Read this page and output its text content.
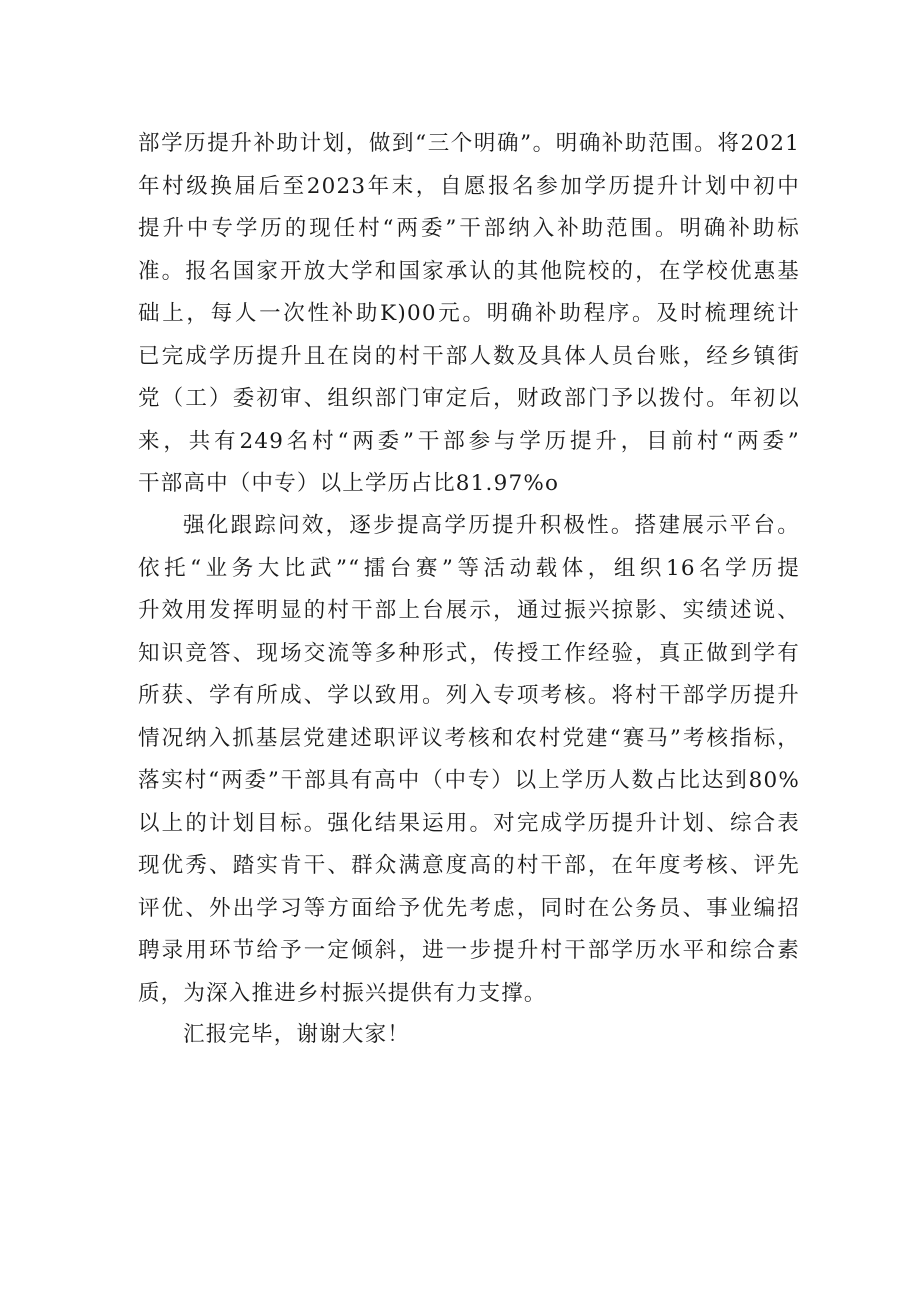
部学历提升补助计划，做到“三个明确”。明确补助范围。将2021
年村级换届后至2023年末，自愿报名参加学历提升计划中初中
提升中专学历的现任村“两委”干部纳入补助范围。明确补助标
准。报名国家开放大学和国家承认的其他院校的，在学校优惠基
础上，每人一次性补助K)00元。明确补助程序。及时梳理统计
已完成学历提升且在岗的村干部人数及具体人员台账，经乡镇街
党（工）委初审、组织部门审定后，财政部门予以拨付。年初以
来，共有249名村“两委”干部参与学历提升，目前村“两委”
干部高中（中专）以上学历占比81.97%o
强化跟踪问效，逐步提高学历提升积极性。搭建展示平台。
依托“业务大比武”“擂台赛”等活动载体，组织16名学历提
升效用发挥明显的村干部上台展示，通过振兴掠影、实绩述说、
知识竞答、现场交流等多种形式，传授工作经验，真正做到学有
所获、学有所成、学以致用。列入专项考核。将村干部学历提升
情况纳入抓基层党建述职评议考核和农村党建“赛马”考核指标，
落实村“两委”干部具有高中（中专）以上学历人数占比达到80%
以上的计划目标。强化结果运用。对完成学历提升计划、综合表
现优秀、踏实肯干、群众满意度高的村干部，在年度考核、评先
评优、外出学习等方面给予优先考虑，同时在公务员、事业编招
聘录用环节给予一定倾斜，进一步提升村干部学历水平和综合素
质，为深入推进乡村振兴提供有力支撑。
汇报完毕，谢谢大家！
